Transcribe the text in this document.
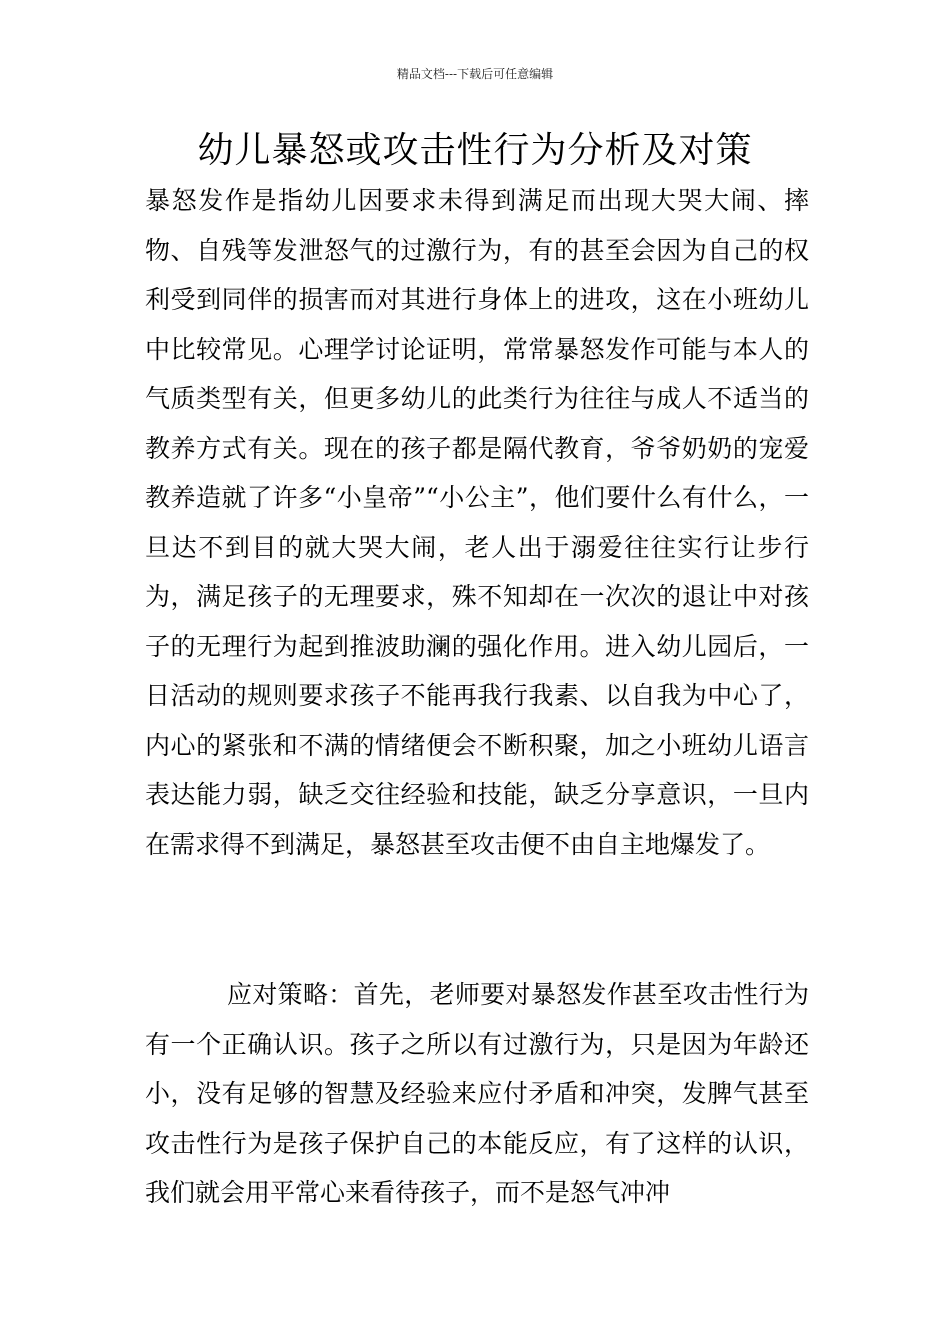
精品文档---下载后可任意编辑
幼儿暴怒或攻击性行为分析及对策

暴怒发作是指幼儿因要求未得到满足而出现大哭大闹、摔物、自残等发泄怒气的过激行为，有的甚至会因为自己的权利受到同伴的损害而对其进行身体上的进攻，这在小班幼儿中比较常见。心理学讨论证明，常常暴怒发作可能与本人的气质类型有关，但更多幼儿的此类行为往往与成人不适当的教养方式有关。现在的孩子都是隔代教育，爷爷奶奶的宠爱教养造就了许多“小皇帝”“小公主”，他们要什么有什么，一旦达不到目的就大哭大闹，老人出于溺爱往往实行让步行为，满足孩子的无理要求，殊不知却在一次次的退让中对孩子的无理行为起到推波助澜的强化作用。进入幼儿园后，一日活动的规则要求孩子不能再我行我素、以自我为中心了，内心的紧张和不满的情绪便会不断积聚，加之小班幼儿语言表达能力弱，缺乏交往经验和技能，缺乏分享意识，一旦内在需求得不到满足，暴怒甚至攻击便不由自主地爆发了。

应对策略：首先，老师要对暴怒发作甚至攻击性行为有一个正确认识。孩子之所以有过激行为，只是因为年龄还小，没有足够的智慧及经验来应付矛盾和冲突，发脾气甚至攻击性行为是孩子保护自己的本能反应，有了这样的认识，我们就会用平常心来看待孩子，而不是怒气冲冲
